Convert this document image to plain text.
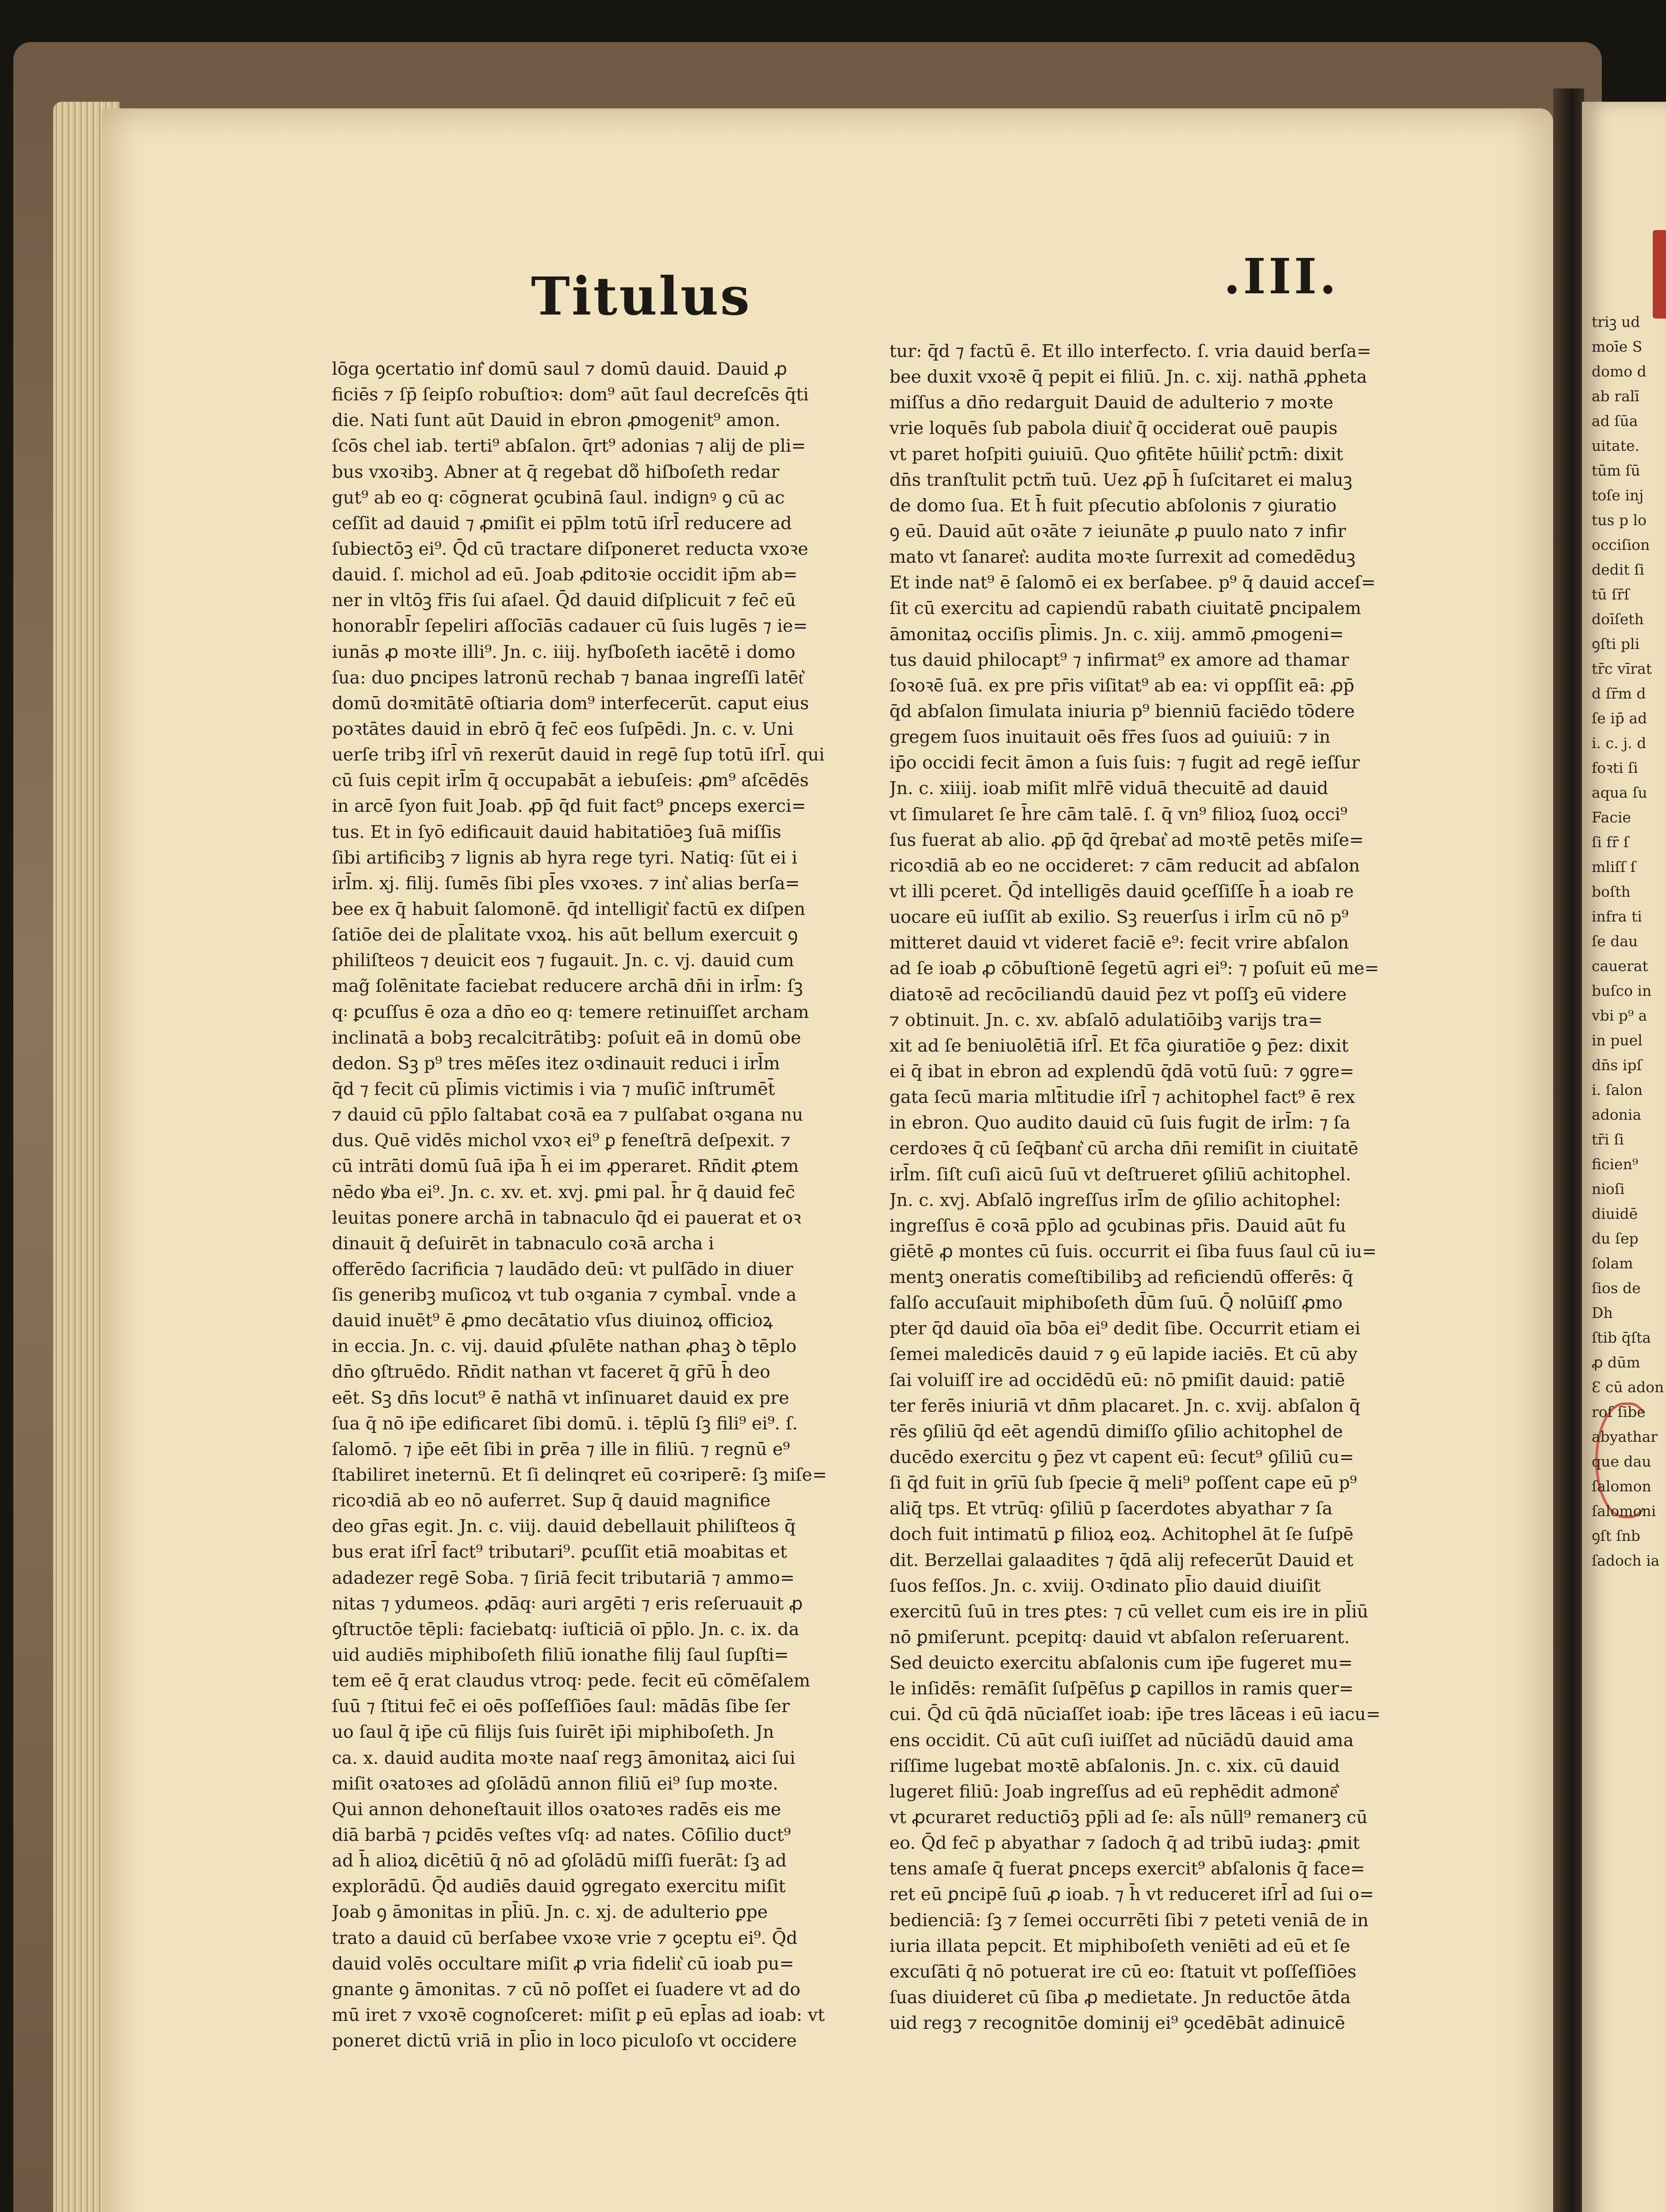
Titulus	.III.
lōga ꝯcertatio inf͛ domū saul ⁊ domū dauid. Dauid ꝓ
ficiēs ⁊ ſp̄ ſeipſo robuſtioꝛ: dom⁹ aūt ſaul decreſcēs q̄ti
die. Nati ſunt aūt Dauid in ebron ꝓmogenit⁹ amon.
ſcōs chel iab. terti⁹ abſalon. q̄rt⁹ adonias ⁊ alij de pli=
bus vxoꝛibꝫ. Abner at q̄ regebat do᷑ hiſboſeth redar
gut⁹ ab eo q꞉ cōgnerat ꝯcubinā ſaul. indignꝰ ꝯ cū ac
ceſſit ad dauid ⁊ ꝓmiſit ei pp̄lm totū iſrl̄ reducere ad
ſubiectōꝫ ei⁹. Q̄d cū tractare diſponeret reducta vxoꝛe
dauid. ſ. michol ad eū. Joab ꝓditoꝛie occidit ip̄m ab=
ner in vltōꝫ fr̄is ſui aſael. Q̄d dauid diſplicuit ⁊ fec̄ eū
honorabl̄r ſepeliri aſſocīās cadauer cū ſuis lugēs ⁊ ie=
iunās ꝓ moꝛte illi⁹. Jn. c. iiij. hyſboſeth iacētē i domo
ſua: duo ꝑncipes latronū rechab ⁊ banaa ingreſſi latēt͛
domū doꝛmitātē oſtiaria dom⁹ interfecerūt. caput eius
poꝛtātes dauid in ebrō q̄ fec̄ eos ſuſpēdi. Jn. c. v. Uni
uerſe tribꝫ iſrl̄ vn̄ rexerūt dauid in regē ſup totū iſrl̄. qui
cū ſuis cepit irl̄m q̄ occupabāt a iebuſeis: ꝓm⁹ aſcēdēs
in arcē ſyon fuit Joab. ꝓp̄ q̄d fuit fact⁹ ꝑnceps exerci=
tus. Et in ſyō edificauit dauid habitatiōeꝫ ſuā miſſis
ſibi artificibꝫ ⁊ lignis ab hyra rege tyri. Natiq꞉ ſūt ei i
irl̄m. xj. filij. ſumēs ſibi pl̄es vxoꝛes. ⁊ int͛ alias berſa=
bee ex q̄ habuit ſalomonē. q̄d intelligit͛ factū ex diſpen
ſatiōe dei de pl̄alitate vxoꝝ. his aūt bellum exercuit ꝯ
philiſteos ⁊ deuicit eos ⁊ fugauit. Jn. c. vj. dauid cum
mag̃ ſolēnitate faciebat reducere archā dn̄i in irl̄m: ſꝫ
q꞉ ꝑcuſſus ē oza a dn̄o eo q꞉ temere retinuiſſet archam
inclinatā a bobꝫ recalcitrātibꝫ: poſuit eā in domū obe
dedon. Sꝫ p⁹ tres mēſes itez oꝛdinauit reduci i irl̄m
q̄d ⁊ fecit cū pl̄imis victimis i via ⁊ muſic̄ inſtrumēt̄
⁊ dauid cū pp̄lo ſaltabat coꝛā ea ⁊ pulſabat oꝛgana nu
dus. Quē vidēs michol vxoꝛ ei⁹ ꝑ feneſtrā deſpexit. ⁊
cū intrāti domū ſuā ip̄a h̄ ei im ꝓperaret. Rn̄dit ꝓtem
nēdo ꝟba ei⁹. Jn. c. xv. et. xvj. ꝑmi pal. h̄r q̄ dauid fec̄
leuitas ponere archā in tabnaculo q̄d ei pauerat et oꝛ
dinauit q̄ deſuirēt in tabnaculo coꝛā archa i
offerēdo ſacrificia ⁊ laudādo deū: vt pulſādo in diuer
ſis generibꝫ muſicoꝝ vt tub oꝛgania ⁊ cymbal̄. vnde a
dauid inuēt⁹ ē ꝓmo decātatio vſus diuinoꝝ officioꝝ
in eccia. Jn. c. vij. dauid ꝓſulēte nathan ꝓhaꝫ ꝺ tēplo
dn̄o ꝯſtruēdo. Rn̄dit nathan vt faceret q̄ gr̄ū h̄ deo
eēt. Sꝫ dn̄s locut⁹ ē nathā vt inſinuaret dauid ex pre
ſua q̄ nō ip̄e edificaret ſibi domū. i. tēplū ſꝫ fili⁹ ei⁹. ſ.
ſalomō. ⁊ ip̄e eēt ſibi in ꝑrēa ⁊ ille in filiū. ⁊ regnū e⁹
ſtabiliret ineternū. Et ſi delinqret eū coꝛriperē: ſꝫ miſe=
ricoꝛdiā ab eo nō auferret. Sup q̄ dauid magnifice
deo gr̄as egit. Jn. c. viij. dauid debellauit philiſteos q̄
bus erat iſrl̄ fact⁹ tributari⁹. ꝑcuſſit etiā moabitas et
adadezer regē Soba. ⁊ ſiriā fecit tributariā ⁊ ammo=
nitas ⁊ ydumeos. ꝓdāq꞉ auri argēti ⁊ eris reſeruauit ꝓ
ꝯſtructōe tēpli: faciebatq꞉ iuſticiā oī pp̄lo. Jn. c. ix. da
uid audiēs miphiboſeth filiū ionathe filij ſaul ſupſti=
tem eē q̄ erat claudus vtroq꞉ pede. fecit eū cōmēſalem
ſuū ⁊ ſtitui fec̄ ei oēs poſſeſſiōes ſaul: mādās ſibe ſer
uo ſaul q̄ ip̄e cū filijs ſuis ſuirēt ip̄i miphiboſeth. Jn
ca. x. dauid audita moꝛte naaſ regꝫ āmonitaꝝ aici ſui
miſit oꝛatoꝛes ad ꝯſolādū annon filiū ei⁹ ſup moꝛte.
Qui annon dehoneſtauit illos oꝛatoꝛes radēs eis me
diā barbā ⁊ ꝑcidēs veſtes vſq꞉ ad nates. Cōſilio duct⁹
ad h̄ alioꝝ dicētiū q̄ nō ad ꝯſolādū miſſi fuerāt: ſꝫ ad
explorādū. Q̄d audiēs dauid ꝯgregato exercitu miſit
Joab ꝯ āmonitas in pl̄iū. Jn. c. xj. de adulterio ꝑpe
trato a dauid cū berſabee vxoꝛe vrie ⁊ ꝯceptu ei⁹. Q̄d
dauid volēs occultare miſit ꝓ vria fidelit͛ cū ioab pu=
gnante ꝯ āmonitas. ⁊ cū nō poſſet ei ſuadere vt ad do
mū iret ⁊ vxoꝛē cognoſceret: miſit ꝑ eū epl̄as ad ioab: vt
poneret dictū vriā in pl̄io in loco piculoſo vt occidere
tur: q̄d ⁊ factū ē. Et illo interfecto. ſ. vria dauid berſa=
bee duxit vxoꝛē q̄ pepit ei filiū. Jn. c. xij. nathā ꝓpheta
miſſus a dn̄o redarguit Dauid de adulterio ⁊ moꝛte
vrie loquēs ſub pabola diuit͛ q̄ occiderat ouē paupis
vt paret hoſpiti ꝯuiuiū. Quo ꝯfitēte hūilit͛ pctm̄: dixit
dn̄s tranſtulit pctm̄ tuū. Uez ꝓp̄ h̄ ſuſcitaret ei maluꝫ
de domo ſua. Et h̄ fuit pſecutio abſolonis ⁊ ꝯiuratio
ꝯ eū. Dauid aūt oꝛāte ⁊ ieiunāte ꝓ puulo nato ⁊ infir
mato vt ſanaret͛: audita moꝛte ſurrexit ad comedēduꝫ
Et inde nat⁹ ē ſalomō ei ex berſabee. p⁹ q̄ dauid acceſ=
ſit cū exercitu ad capiendū rabath ciuitatē ꝑncipalem
āmonitaꝝ occiſis pl̄imis. Jn. c. xiij. ammō ꝓmogeni=
tus dauid philocapt⁹ ⁊ infirmat⁹ ex amore ad thamar
ſoꝛoꝛē ſuā. ex pre pr̄is viſitat⁹ ab ea: vi oppſſit eā: ꝓp̄
q̄d abſalon ſimulata iniuria p⁹ bienniū faciēdo tōdere
gregem ſuos inuitauit oēs fr̄es ſuos ad ꝯuiuiū: ⁊ in
ip̄o occidi fecit āmon a ſuis ſuis: ⁊ fugit ad regē ieſſur
Jn. c. xiiij. ioab miſit mlr̄ē viduā thecuitē ad dauid
vt ſimularet ſe h̄re cām talē. ſ. q̄ vn⁹ filioꝝ ſuoꝝ occi⁹
ſus fuerat ab alio. ꝓp̄ q̄d q̄rebat͛ ad moꝛtē petēs miſe=
ricoꝛdiā ab eo ne occideret: ⁊ cām reducit ad abſalon
vt illi pceret. Q̄d intelligēs dauid ꝯceſſiſſe h̄ a ioab re
uocare eū iuſſit ab exilio. Sꝫ reuerſus i irl̄m cū nō p⁹
mitteret dauid vt videret faciē e⁹: fecit vrire abſalon
ad ſe ioab ꝓ cōbuſtionē ſegetū agri ei⁹: ⁊ poſuit eū me=
diatoꝛē ad recōciliandū dauid p̄ez vt poſſꝫ eū videre
⁊ obtinuit. Jn. c. xv. abſalō adulatiōibꝫ varijs tra=
xit ad ſe beniuolētiā iſrl̄. Et fc̄a ꝯiuratiōe ꝯ p̄ez: dixit
ei q̄ ibat in ebron ad explendū q̄dā votū ſuū: ⁊ ꝯgre=
gata ſecū maria mlt̄itudie iſrl̄ ⁊ achitophel fact⁹ ē rex
in ebron. Quo audito dauid cū ſuis fugit de irl̄m: ⁊ ſa
cerdoꝛes q̄ cū ſeq̄bant͛ cū archa dn̄i remiſit in ciuitatē
irl̄m. ſiſt cuſi aicū ſuū vt deſtrueret ꝯſiliū achitophel.
Jn. c. xvj. Abſalō ingreſſus irl̄m de ꝯſilio achitophel:
ingreſſus ē coꝛā pp̄lo ad ꝯcubinas pr̄is. Dauid aūt fu
giētē ꝓ montes cū ſuis. occurrit ei ſiba fuus ſaul cū iu=
mentꝫ oneratis comeſtibilibꝫ ad reficiendū offerēs: q̄
falſo accuſauit miphiboſeth d̄ūm ſuū. Q̄ nolūiſſ ꝓmo
pter q̄d dauid oīa bōa ei⁹ dedit ſibe. Occurrit etiam ei
ſemei maledicēs dauid ⁊ ꝯ eū lapide iaciēs. Et cū aby
ſai voluiſſ ire ad occidēdū eū: nō pmiſit dauid: patiē
ter ferēs iniuriā vt dn̄m placaret. Jn. c. xvij. abſalon q̄
rēs ꝯſiliū q̄d eēt agendū dimiſſo ꝯſilio achitophel de
ducēdo exercitu ꝯ p̄ez vt capent eū: ſecut⁹ ꝯſiliū cu=
ſi q̄d fuit in ꝯrīū ſub ſpecie q̄ meli⁹ poſſent cape eū p⁹
aliq̄ tps. Et vtrūq꞉ ꝯſiliū p ſacerdotes abyathar ⁊ ſa
doch fuit intimatū ꝑ filioꝝ eoꝝ. Achitophel āt ſe ſuſpē
dit. Berzellai galaadites ⁊ q̄dā alij refecerūt Dauid et
ſuos feſſos. Jn. c. xviij. Oꝛdinato pl̄io dauid diuiſit
exercitū ſuū in tres ꝑtes: ⁊ cū vellet cum eis ire in pl̄iū
nō ꝑmiſerunt. pcepitq꞉ dauid vt abſalon reſeruarent.
Sed deuicto exercitu abſalonis cum ip̄e fugeret mu=
le inſidēs: remāſit ſuſpēſus ꝑ capillos in ramis quer=
cui. Q̄d cū q̄dā nūciaſſet ioab: ip̄e tres lāceas i eū iacu=
ens occidit. Cū aūt cuſi iuiſſet ad nūciādū dauid ama
riſſime lugebat moꝛtē abſalonis. Jn. c. xix. cū dauid
lugeret filiū: Joab ingreſſus ad eū rephēdit admonē͛
vt ꝓcuraret reductiōꝫ pp̄li ad ſe: al̄s nūll⁹ remanerꝫ cū
eo. Q̄d fec̄ p abyathar ⁊ ſadoch q̄ ad tribū iudaꝫ: ꝓmit
tens amaſe q̄ fuerat ꝑnceps exercit⁹ abſalonis q̄ face=
ret eū ꝑncipē ſuū ꝓ ioab. ⁊ h̄ vt reduceret iſrl̄ ad ſui o=
bedienciā: ſꝫ ⁊ ſemei occurrēti ſibi ⁊ peteti veniā de in
iuria illata pepcit. Et miphiboſeth veniēti ad eū et ſe
excuſāti q̄ nō potuerat ire cū eo: ſtatuit vt poſſeſſiōes
ſuas diuideret cū ſiba ꝓ medietate. Jn reductōe ātda
uid regꝫ ⁊ recognitōe dominij ei⁹ ꝯcedēbāt adinuicē
triꝫ ud
moīe S
domo d
ab ralī
ad ſūa
uitate.
tūm ſū
toſe inj
tus p lo
occiſion
dedit ſi
tū ſr̄ſ
doīſeth
ꝯſti pli
tr̄c vīrat
d ſr̄m d
ſe ip̄ ad
i. c. j. d
foꝛti ſi
aqua ſu
Facie
ſi fr̄ ſ
mliſſ ſ
boſth
infra ti
ſe dau
cauerat
buſco in
vbi p⁹ a
in puel
dn̄s ipſ
i. ſalon
adonia
tr̄i ſi
ficien⁹
nioſi
diuidē
du ſep
ſolam
ſios de
Dh
ſtib q̄ſta
ꝓ dūm
Ɛ cū adon
roſ ſibe
abyathar
que dau
ſalomon
ſalomoni
ꝯſt ſnb
ſadoch ia
